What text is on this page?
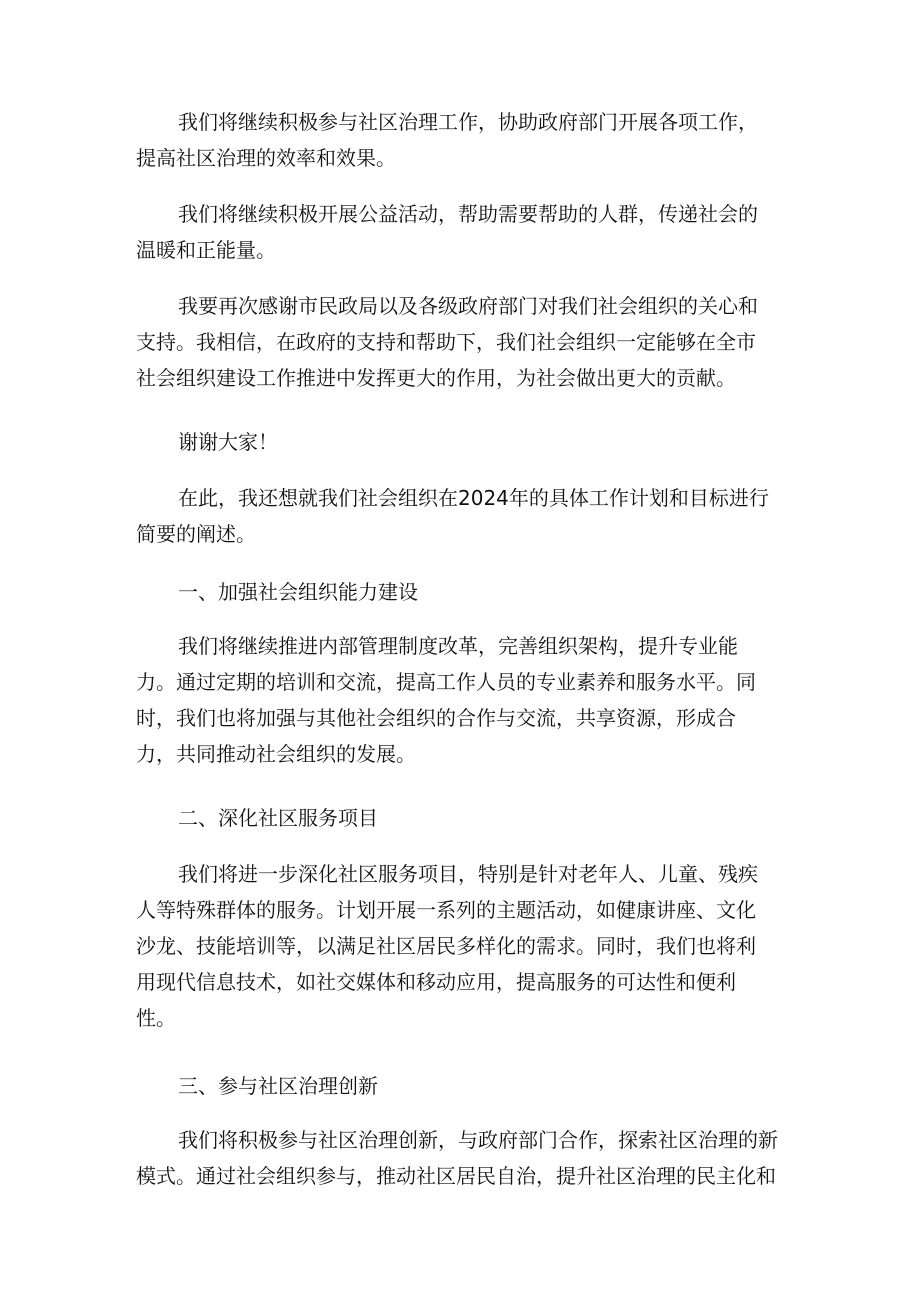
我们将继续积极参与社区治理工作，协助政府部门开展各项工作，
提高社区治理的效率和效果。
我们将继续积极开展公益活动，帮助需要帮助的人群，传递社会的
温暖和正能量。
我要再次感谢市民政局以及各级政府部门对我们社会组织的关心和
支持。我相信，在政府的支持和帮助下，我们社会组织一定能够在全市
社会组织建设工作推进中发挥更大的作用，为社会做出更大的贡献。
谢谢大家！
在此，我还想就我们社会组织在2024年的具体工作计划和目标进行
简要的阐述。
一、加强社会组织能力建设
我们将继续推进内部管理制度改革，完善组织架构，提升专业能
力。通过定期的培训和交流，提高工作人员的专业素养和服务水平。同
时，我们也将加强与其他社会组织的合作与交流，共享资源，形成合
力，共同推动社会组织的发展。
二、深化社区服务项目
我们将进一步深化社区服务项目，特别是针对老年人、儿童、残疾
人等特殊群体的服务。计划开展一系列的主题活动，如健康讲座、文化
沙龙、技能培训等，以满足社区居民多样化的需求。同时，我们也将利
用现代信息技术，如社交媒体和移动应用，提高服务的可达性和便利
性。
三、参与社区治理创新
我们将积极参与社区治理创新，与政府部门合作，探索社区治理的新
模式。通过社会组织参与，推动社区居民自治，提升社区治理的民主化和
